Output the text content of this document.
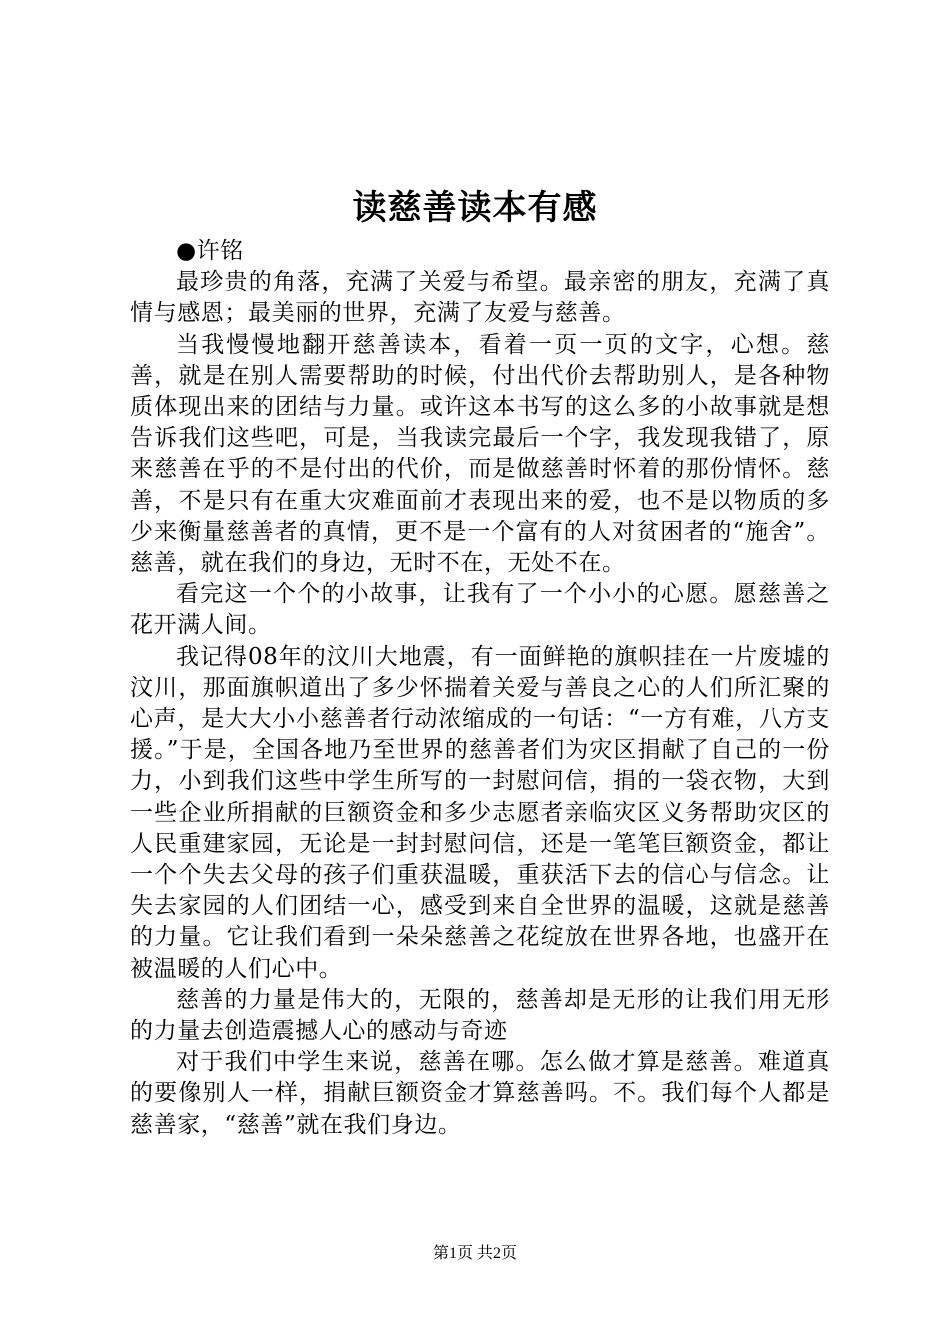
读慈善读本有感

●许铭

最珍贵的角落，充满了关爱与希望。最亲密的朋友，充满了真情与感恩；最美丽的世界，充满了友爱与慈善。

当我慢慢地翻开慈善读本，看着一页一页的文字，心想。慈善，就是在别人需要帮助的时候，付出代价去帮助别人，是各种物质体现出来的团结与力量。或许这本书写的这么多的小故事就是想告诉我们这些吧，可是，当我读完最后一个字，我发现我错了，原来慈善在乎的不是付出的代价，而是做慈善时怀着的那份情怀。慈善，不是只有在重大灾难面前才表现出来的爱，也不是以物质的多少来衡量慈善者的真情，更不是一个富有的人对贫困者的“施舍”。慈善，就在我们的身边，无时不在，无处不在。

看完这一个个的小故事，让我有了一个小小的心愿。愿慈善之花开满人间。

我记得08年的汶川大地震，有一面鲜艳的旗帜挂在一片废墟的汶川，那面旗帜道出了多少怀揣着关爱与善良之心的人们所汇聚的心声，是大大小小慈善者行动浓缩成的一句话：“一方有难，八方支援。”于是，全国各地乃至世界的慈善者们为灾区捐献了自己的一份力，小到我们这些中学生所写的一封慰问信，捐的一袋衣物，大到一些企业所捐献的巨额资金和多少志愿者亲临灾区义务帮助灾区的人民重建家园，无论是一封封慰问信，还是一笔笔巨额资金，都让一个个失去父母的孩子们重获温暖，重获活下去的信心与信念。让失去家园的人们团结一心，感受到来自全世界的温暖，这就是慈善的力量。它让我们看到一朵朵慈善之花绽放在世界各地，也盛开在被温暖的人们心中。

慈善的力量是伟大的，无限的，慈善却是无形的让我们用无形的力量去创造震撼人心的感动与奇迹

对于我们中学生来说，慈善在哪。怎么做才算是慈善。难道真的要像别人一样，捐献巨额资金才算慈善吗。不。我们每个人都是慈善家，“慈善”就在我们身边。

第1页 共2页
